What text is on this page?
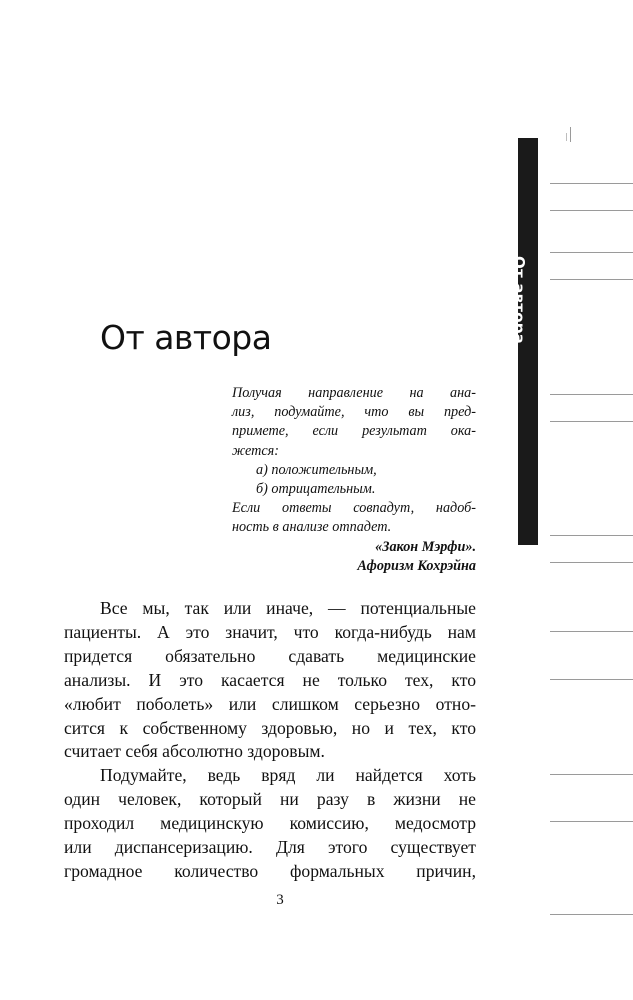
От автора
Получая направление на ана-
лиз, подумайте, что вы пред-
примете, если результат ока-
жется:
а) положительным,
б) отрицательным.
Если ответы совпадут, надоб-
ность в анализе отпадет.
«Закон Мэрфи».
Афоризм Кохрэйна
Все мы, так или иначе, — потенциальные
пациенты. А это значит, что когда-нибудь нам
придется обязательно сдавать медицинские
анализы. И это касается не только тех, кто
«любит поболеть» или слишком серьезно отно-
сится к собственному здоровью, но и тех, кто
считает себя абсолютно здоровым.
Подумайте, ведь вряд ли найдется хоть
один человек, который ни разу в жизни не
проходил медицинскую комиссию, медосмотр
или диспансеризацию. Для этого существует
громадное количество формальных причин,
3
От автора
